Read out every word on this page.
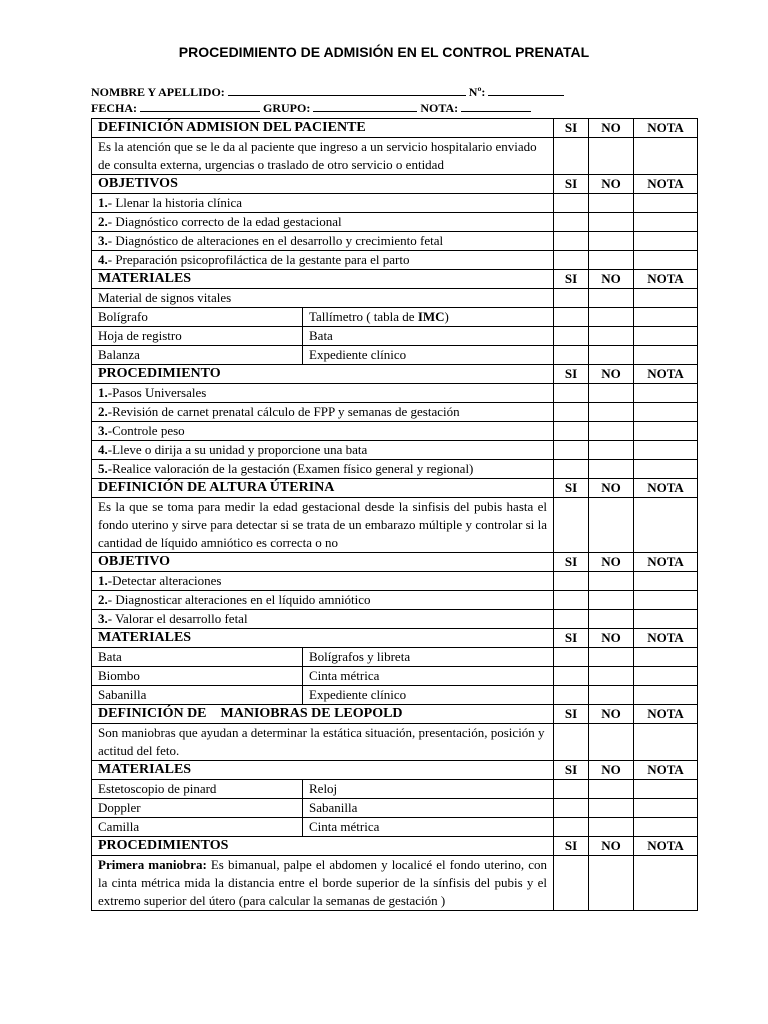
PROCEDIMIENTO DE ADMISIÓN EN EL CONTROL PRENATAL
NOMBRE Y APELLIDO:	Nº:
FECHA:	GRUPO:	NOTA:
DEFINICIÓN ADMISION DEL PACIENTE		SI	NO	NOTA
Es la atención que se le da al paciente que ingreso a un servicio hospitalario enviado de consulta externa, urgencias o traslado de otro servicio o entidad				
OBJETIVOS		SI	NO	NOTA
1.- Llenar la historia clínica				
2.- Diagnóstico correcto de la edad gestacional				
3.- Diagnóstico de alteraciones en el desarrollo y crecimiento fetal				
4.- Preparación psicoprofiláctica de la gestante para el parto				
MATERIALES		SI	NO	NOTA
Material de signos vitales				
Bolígrafo	Tallímetro ( tabla de IMC)			
Hoja de registro	Bata			
Balanza	Expediente clínico			
PROCEDIMIENTO		SI	NO	NOTA
1.-Pasos Universales				
2.-Revisión de carnet prenatal cálculo de FPP y semanas de gestación				
3.-Controle peso				
4.-Lleve o dirija a su unidad y proporcione una bata				
5.-Realice valoración de la gestación (Examen físico general y regional)				
DEFINICIÓN DE ALTURA ÚTERINA		SI	NO	NOTA
Es la que se toma para medir la edad gestacional desde la sinfisis del pubis hasta el fondo uterino y sirve para detectar si se trata de un embarazo múltiple y controlar si la cantidad de líquido amniótico es correcta o no				
OBJETIVO		SI	NO	NOTA
1.-Detectar alteraciones				
2.- Diagnosticar alteraciones en el líquido amniótico				
3.- Valorar el desarrollo fetal				
MATERIALES		SI	NO	NOTA
Bata	Bolígrafos y libreta			
Biombo	Cinta métrica			
Sabanilla	Expediente clínico			
DEFINICIÓN DE    MANIOBRAS DE LEOPOLD		SI	NO	NOTA
Son maniobras que ayudan a determinar la estática situación, presentación, posición y actitud del feto.				
MATERIALES		SI	NO	NOTA
Estetoscopio de pinard	Reloj			
Doppler	Sabanilla			
Camilla	Cinta métrica			
PROCEDIMIENTOS		SI	NO	NOTA
Primera maniobra: Es bimanual, palpe el abdomen y localicé el fondo uterino, con la cinta métrica mida la distancia entre el borde superior de la sínfisis del pubis y el extremo superior del útero (para calcular la semanas de gestación )				
